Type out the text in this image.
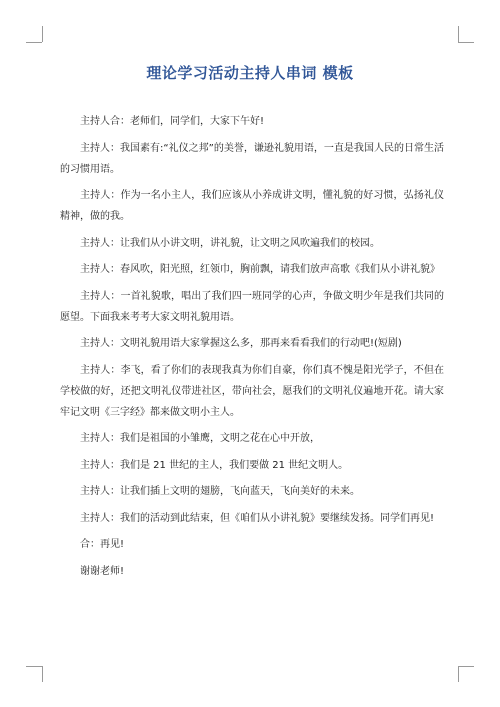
理论学习活动主持人串词 模板

主持人合：老师们，同学们，大家下午好!

主持人：我国素有:“礼仪之邦”的美誉，谦逊礼貌用语，一直是我国人民的日常生活的习惯用语。

主持人：作为一名小主人，我们应该从小养成讲文明，懂礼貌的好习惯，弘扬礼仪精神，做的我。

主持人：让我们从小讲文明，讲礼貌，让文明之风吹遍我们的校园。

主持人：春风吹，阳光照，红领巾，胸前飘，请我们放声高歌《我们从小讲礼貌》

主持人：一首礼貌歌，唱出了我们四一班同学的心声，争做文明少年是我们共同的愿望。下面我来考考大家文明礼貌用语。

主持人：文明礼貌用语大家掌握这么多，那再来看看我们的行动吧!(短剧)

主持人：李飞，看了你们的表现我真为你们自豪，你们真不愧是阳光学子，不但在学校做的好，还把文明礼仪带进社区，带向社会，愿我们的文明礼仪遍地开花。请大家牢记文明《三字经》都来做文明小主人。

主持人：我们是祖国的小雏鹰，文明之花在心中开放，

主持人：我们是 21 世纪的主人，我们要做 21 世纪文明人。

主持人：让我们插上文明的翅膀，飞向蓝天，飞向美好的未来。

主持人：我们的活动到此结束，但《咱们从小讲礼貌》要继续发扬。同学们再见!

合：再见!

谢谢老师!
